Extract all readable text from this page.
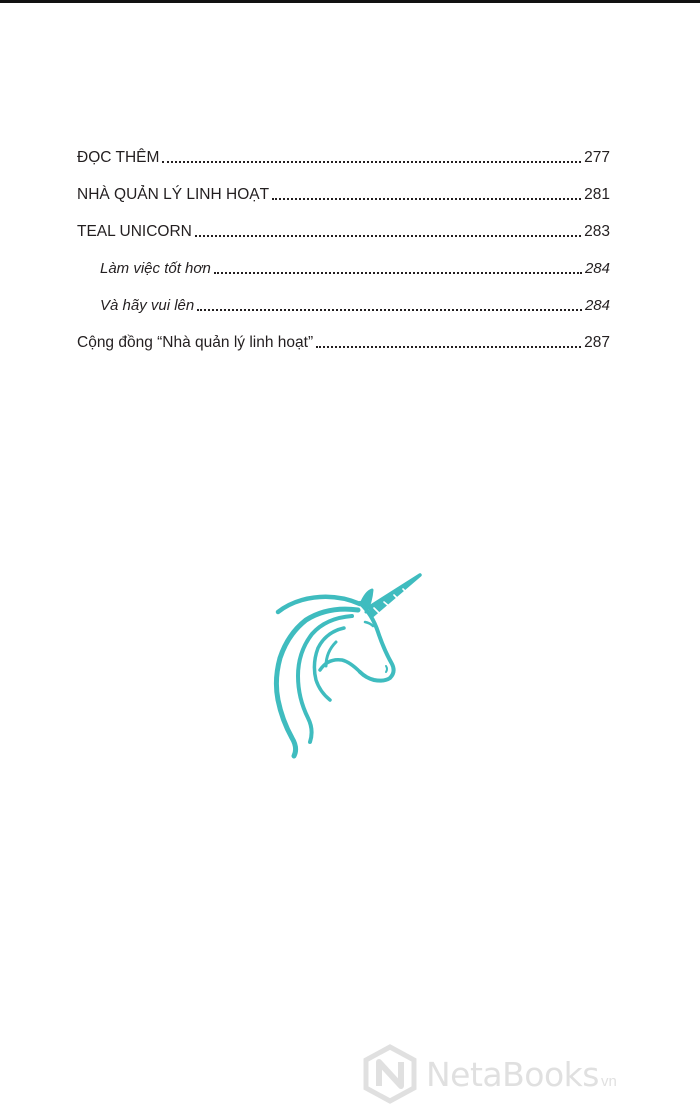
ĐỌC THÊM	277
NHÀ QUẢN LÝ LINH HOẠT	281
TEAL UNICORN	283
Làm việc tốt hơn	284
Và hãy vui lên	284
Cộng đồng “Nhà quản lý linh hoạt”	287
NetaBooks vn
